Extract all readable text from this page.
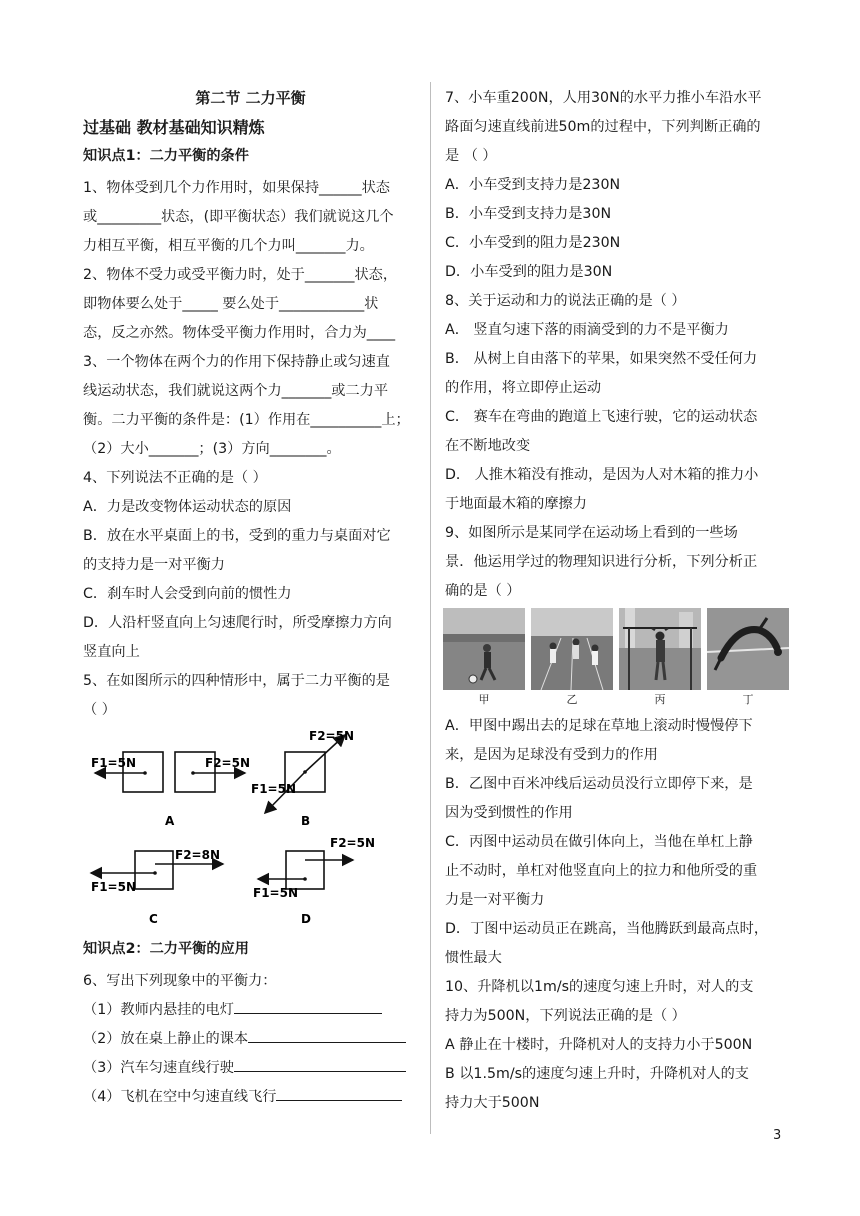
第二节 二力平衡
过基础 教材基础知识精炼
知识点1：二力平衡的条件
1、物体受到几个力作用时，如果保持______状态
或_________状态，(即平衡状态）我们就说这几个
力相互平衡，相互平衡的几个力叫_______力。
2、物体不受力或受平衡力时，处于_______状态，
即物体要么处于_____ 要么处于____________状
态，反之亦然。物体受平衡力作用时，合力为____
3、一个物体在两个力的作用下保持静止或匀速直
线运动状态，我们就说这两个力_______或二力平
衡。二力平衡的条件是：(1）作用在__________上；
（2）大小_______；(3）方向________。
4、下列说法不正确的是（ ）
A．力是改变物体运动状态的原因
B．放在水平桌面上的书，受到的重力与桌面对它
的支持力是一对平衡力
C．刹车时人会受到向前的惯性力
D．人沿杆竖直向上匀速爬行时，所受摩擦力方向
竖直向上
5、在如图所示的四种情形中，属于二力平衡的是
（ ）
F1=5N	F2=5N
A
F2=5N
F1=5N
B
F2=8N
F1=5N
C
F2=5N
F1=5N
D
知识点2：二力平衡的应用
6、写出下列现象中的平衡力：
（1）教师内悬挂的电灯
（2）放在桌上静止的课本
（3）汽车匀速直线行驶
（4）飞机在空中匀速直线飞行
7、小车重200N，人用30N的水平力推小车沿水平
路面匀速直线前进50m的过程中，下列判断正确的
是 （ ）
A．小车受到支持力是230N
B．小车受到支持力是30N
C．小车受到的阻力是230N
D．小车受到的阻力是30N
8、关于运动和力的说法正确的是（ ）
A． 竖直匀速下落的雨滴受到的力不是平衡力
B． 从树上自由落下的苹果，如果突然不受任何力
的作用，将立即停止运动
C． 赛车在弯曲的跑道上飞速行驶，它的运动状态
在不断地改变
D． 人推木箱没有推动，是因为人对木箱的推力小
于地面最木箱的摩擦力
9、如图所示是某同学在运动场上看到的一些场
景．他运用学过的物理知识进行分析，下列分析正
确的是（ ）
甲	乙	丙	丁
A．甲图中踢出去的足球在草地上滚动时慢慢停下
来，是因为足球没有受到力的作用
B．乙图中百米冲线后运动员没行立即停下来，是
因为受到惯性的作用
C．丙图中运动员在做引体向上，当他在单杠上静
止不动时，单杠对他竖直向上的拉力和他所受的重
力是一对平衡力
D．丁图中运动员正在跳高，当他腾跃到最高点时，
惯性最大
10、升降机以1m/s的速度匀速上升时，对人的支
持力为500N，下列说法正确的是（ ）
A 静止在十楼时，升降机对人的支持力小于500N
B 以1.5m/s的速度匀速上升时，升降机对人的支
持力大于500N
3
